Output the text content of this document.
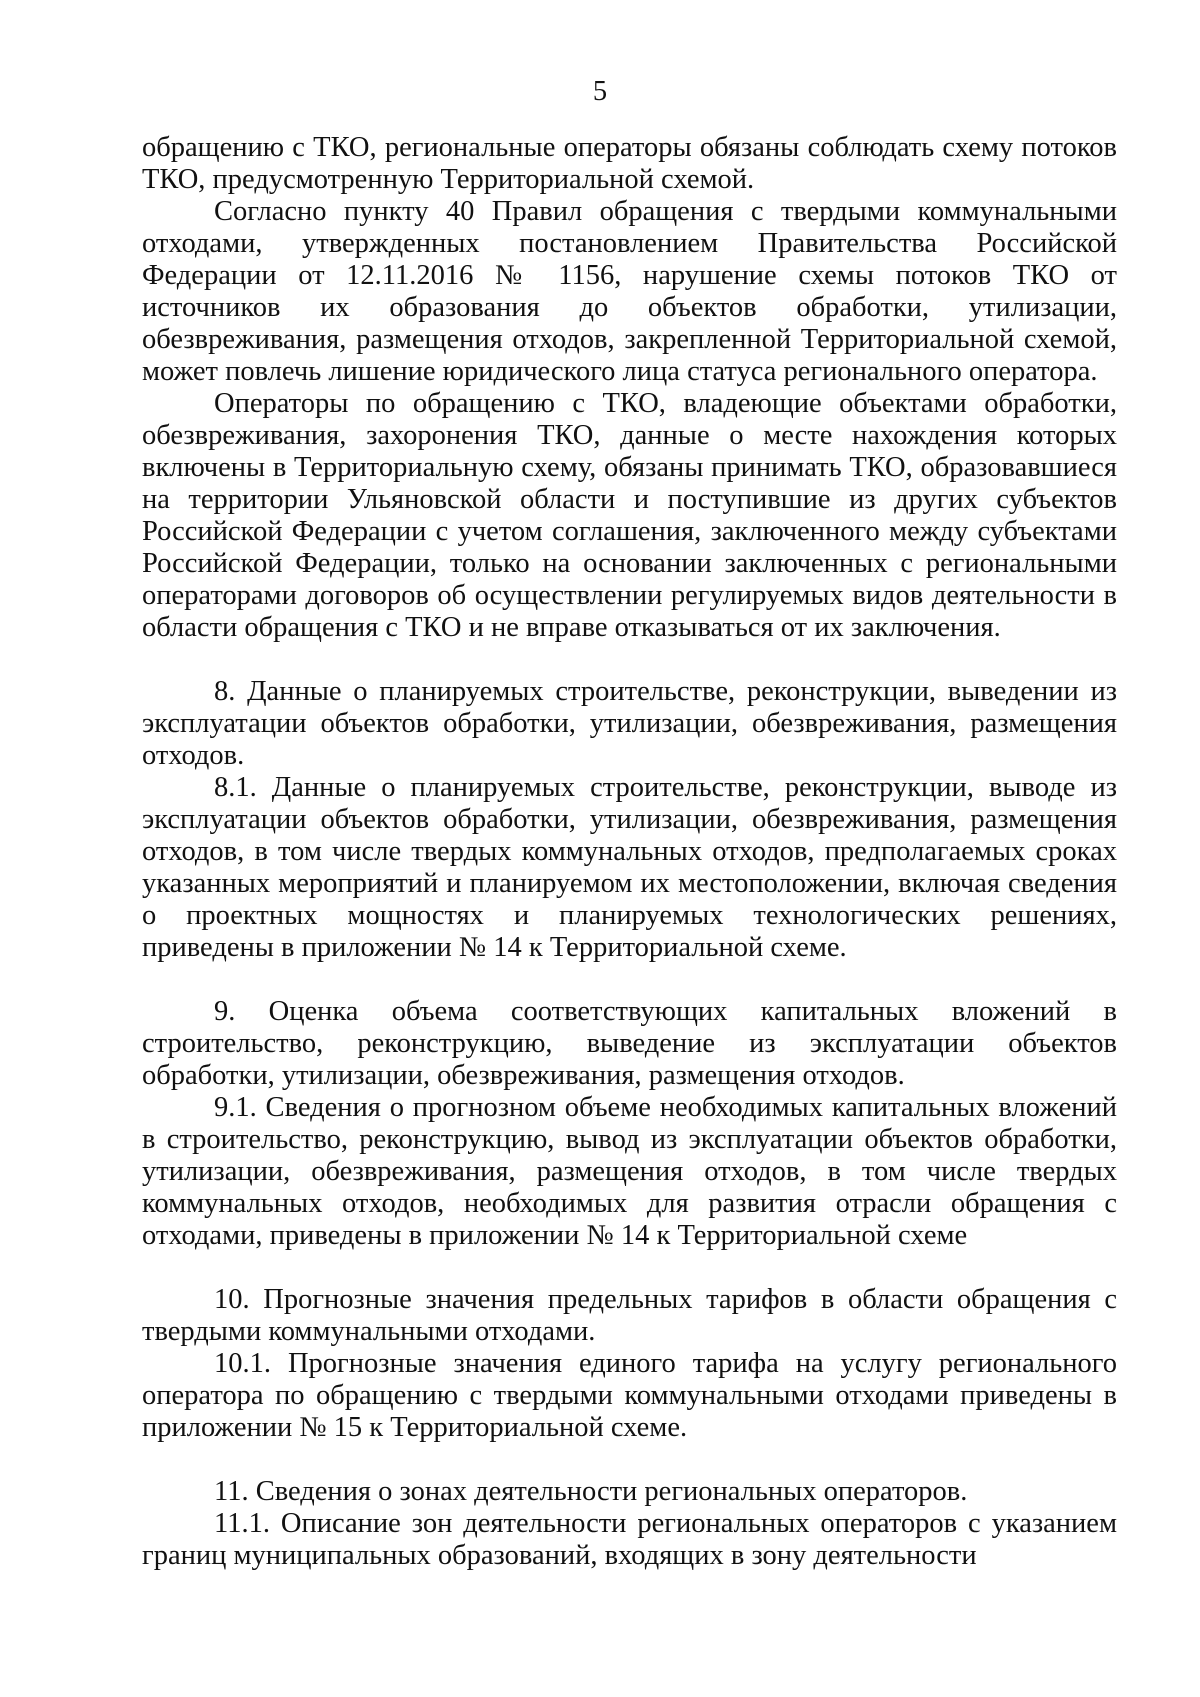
5

обращению с ТКО, региональные операторы обязаны соблюдать схему потоков ТКО, предусмотренную Территориальной схемой.

Согласно пункту 40 Правил обращения с твердыми коммунальными отходами, утвержденных постановлением Правительства Российской Федерации от 12.11.2016 № 1156, нарушение схемы потоков ТКО от источников их образования до объектов обработки, утилизации, обезвреживания, размещения отходов, закрепленной Территориальной схемой, может повлечь лишение юридического лица статуса регионального оператора.

Операторы по обращению с ТКО, владеющие объектами обработки, обезвреживания, захоронения ТКО, данные о месте нахождения которых включены в Территориальную схему, обязаны принимать ТКО, образовавшиеся на территории Ульяновской области и поступившие из других субъектов Российской Федерации с учетом соглашения, заключенного между субъектами Российской Федерации, только на основании заключенных с региональными операторами договоров об осуществлении регулируемых видов деятельности в области обращения с ТКО и не вправе отказываться от их заключения.

8. Данные о планируемых строительстве, реконструкции, выведении из эксплуатации объектов обработки, утилизации, обезвреживания, размещения отходов.

8.1. Данные о планируемых строительстве, реконструкции, выводе из эксплуатации объектов обработки, утилизации, обезвреживания, размещения отходов, в том числе твердых коммунальных отходов, предполагаемых сроках указанных мероприятий и планируемом их местоположении, включая сведения о проектных мощностях и планируемых технологических решениях, приведены в приложении № 14 к Территориальной схеме.

9. Оценка объема соответствующих капитальных вложений в строительство, реконструкцию, выведение из эксплуатации объектов обработки, утилизации, обезвреживания, размещения отходов.

9.1. Сведения о прогнозном объеме необходимых капитальных вложений в строительство, реконструкцию, вывод из эксплуатации объектов обработки, утилизации, обезвреживания, размещения отходов, в том числе твердых коммунальных отходов, необходимых для развития отрасли обращения с отходами, приведены в приложении № 14 к Территориальной схеме

10. Прогнозные значения предельных тарифов в области обращения с твердыми коммунальными отходами.

10.1. Прогнозные значения единого тарифа на услугу регионального оператора по обращению с твердыми коммунальными отходами приведены в приложении № 15 к Территориальной схеме.

11. Сведения о зонах деятельности региональных операторов.

11.1. Описание зон деятельности региональных операторов с указанием границ муниципальных образований, входящих в зону деятельности
